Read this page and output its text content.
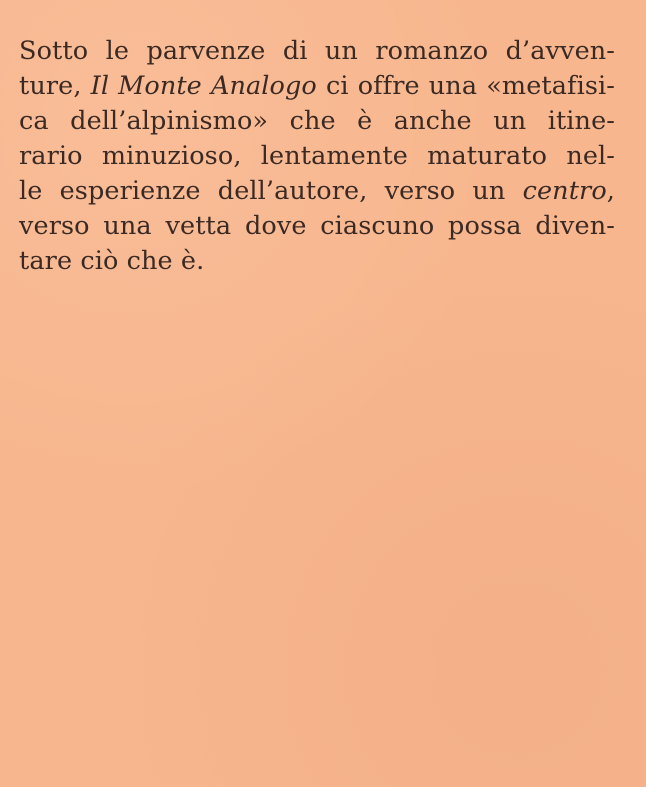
Sotto le parvenze di un romanzo d’avven-
ture, Il Monte Analogo ci offre una «metafisi-
ca dell’alpinismo» che è anche un itine-
rario minuzioso, lentamente maturato nel-
le esperienze dell’autore, verso un centro,
verso una vetta dove ciascuno possa diven-
tare ciò che è.
